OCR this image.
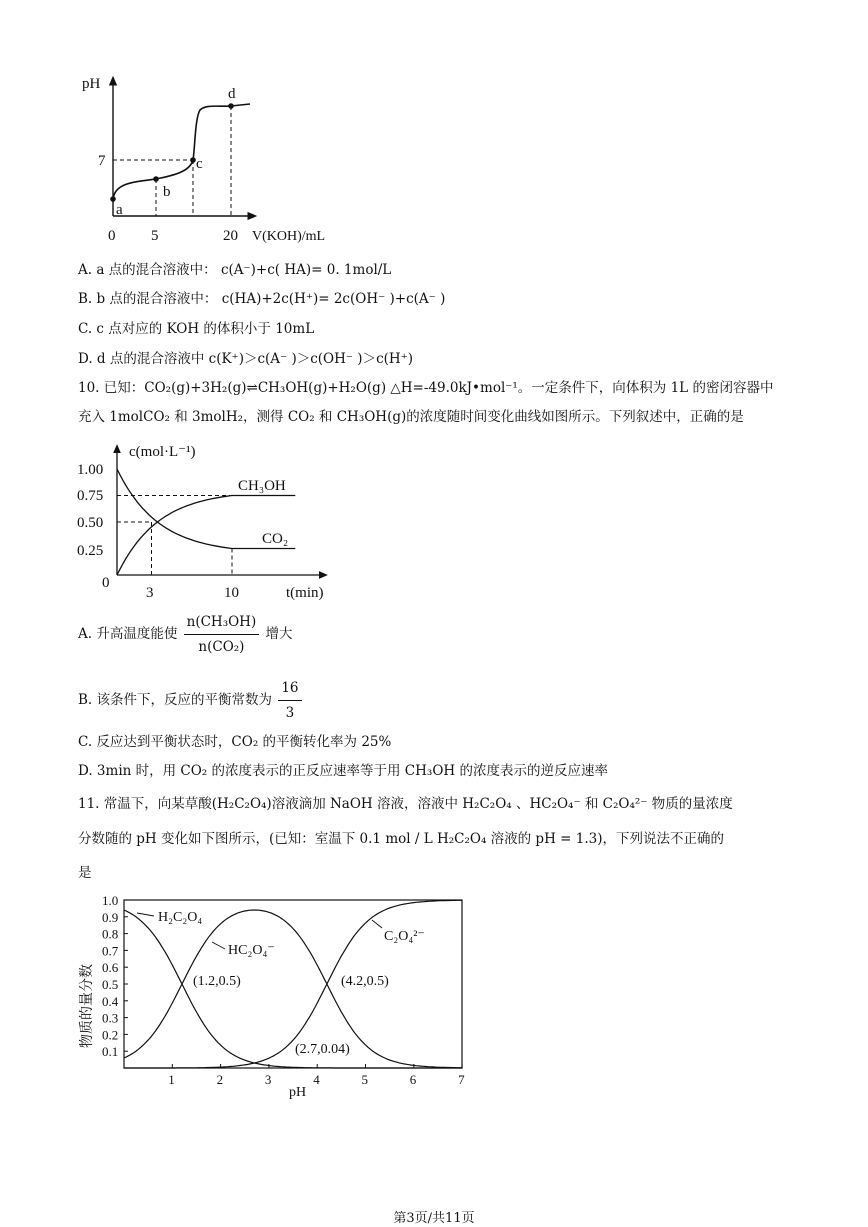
pH
V(KOH)/mL
7
0 5	20
a
b
c
d
A. a 点的混合溶液中： c(A⁻)+c( HA)= 0. 1mol/L
B. b 点的混合溶液中： c(HA)+2c(H⁺)= 2c(OH⁻ )+c(A⁻ )
C. c 点对应的 KOH 的体积小于 10mL
D. d 点的混合溶液中 c(K⁺)＞c(A⁻ )＞c(OH⁻ )＞c(H⁺)
10. 已知：CO₂(g)+3H₂(g)⇌CH₃OH(g)+H₂O(g) △H=-49.0kJ•mol⁻¹。一定条件下，向体积为 1L 的密闭容器中
充入 1molCO₂ 和 3molH₂，测得 CO₂ 和 CH₃OH(g)的浓度随时间变化曲线如图所示。下列叙述中，正确的是
c(mol·L⁻¹)
t(min)
1.00
0.75
0.50
0.25
0
3	10
CH₃OH
CO₂
A. 升高温度能使 $\frac{\text{n(CH₃OH)}}{\text{n(CO₂)}}$ 增大
B. 该条件下，反应的平衡常数为 $\frac{16}{3}$
C. 反应达到平衡状态时，CO₂ 的平衡转化率为 25%
D. 3min 时，用 CO₂ 的浓度表示的正反应速率等于用 CH₃OH 的浓度表示的逆反应速率
11. 常温下，向某草酸(H₂C₂O₄)溶液滴加 NaOH 溶液，溶液中 H₂C₂O₄ 、HC₂O₄⁻ 和 C₂O₄²⁻ 物质的量浓度
分数随的 pH 变化如下图所示，(已知：室温下 0.1 mol / L H₂C₂O₄ 溶液的 pH = 1.3)，下列说法不正确的
是
物质的量分数
pH
1.0
0.9
0.8
0.7
0.6
0.5
0.4
0.3
0.2
0.1
1	2	3	4	5	6	7
H₂C₂O₄
HC₂O₄⁻
C₂O₄²⁻
(1.2,0.5)	(4.2,0.5)
(2.7,0.04)
第3页/共11页
